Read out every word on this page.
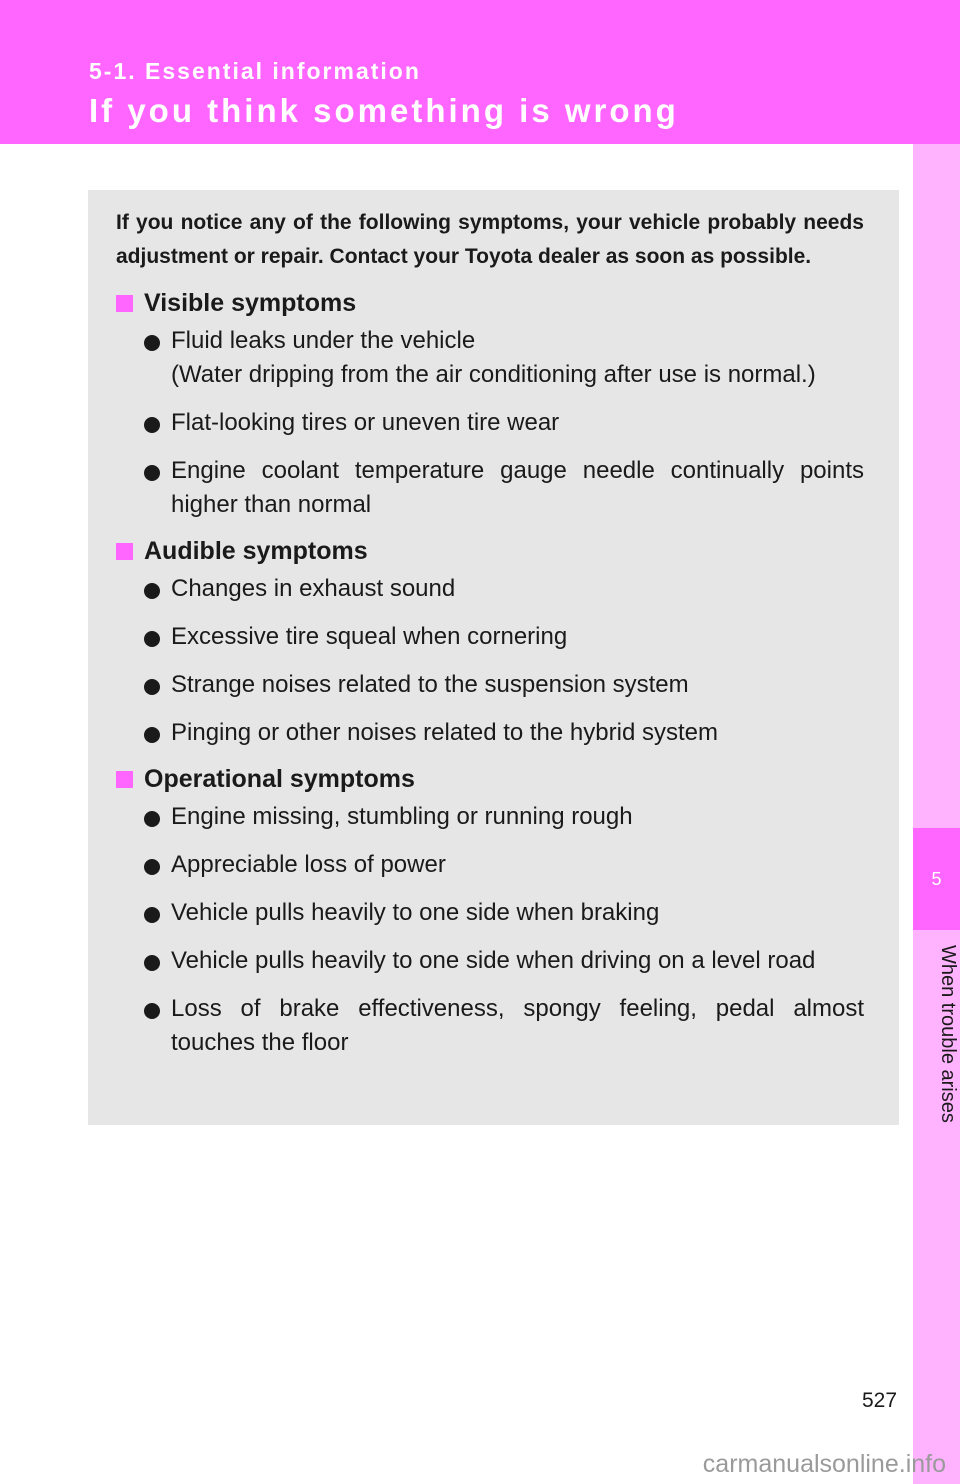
5-1. Essential information

If you think something is wrong
5
When trouble arises

If you notice any of the following symptoms, your vehicle probably needs adjustment or repair. Contact your Toyota dealer as soon as possible.

Visible symptoms
Fluid leaks under the vehicle
(Water dripping from the air conditioning after use is normal.)
Flat-looking tires or uneven tire wear
Engine coolant temperature gauge needle continually points higher than normal
Audible symptoms
Changes in exhaust sound
Excessive tire squeal when cornering
Strange noises related to the suspension system
Pinging or other noises related to the hybrid system
Operational symptoms
Engine missing, stumbling or running rough
Appreciable loss of power
Vehicle pulls heavily to one side when braking
Vehicle pulls heavily to one side when driving on a level road
Loss of brake effectiveness, spongy feeling, pedal almost touches the floor
527
carmanualsonline.info
